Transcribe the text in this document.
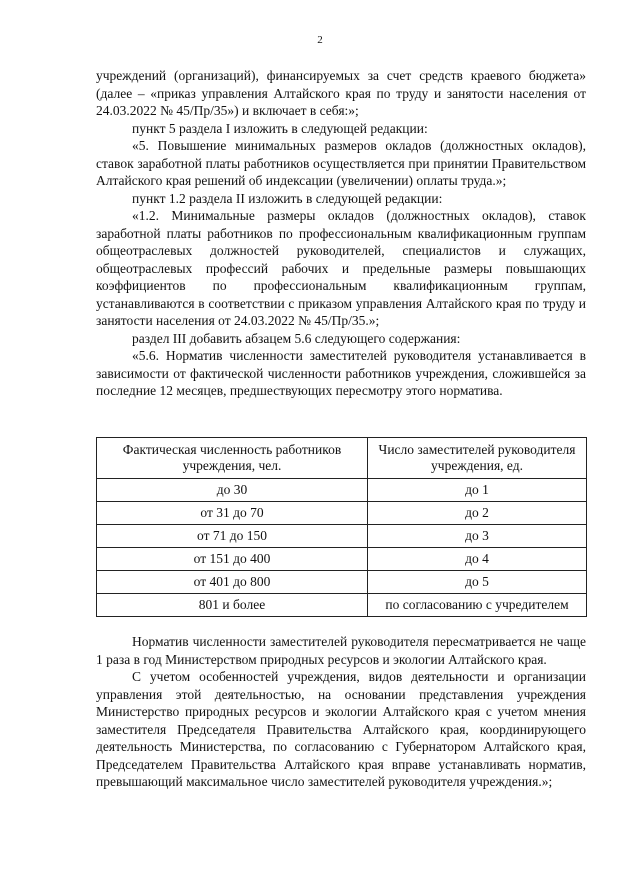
2

учреждений (организаций), финансируемых за счет средств краевого бюджета» (далее – «приказ управления Алтайского края по труду и занятости населения от 24.03.2022 № 45/Пр/35») и включает в себя:»;

пункт 5 раздела I изложить в следующей редакции:

«5. Повышение минимальных размеров окладов (должностных окладов), ставок заработной платы работников осуществляется при принятии Правительством Алтайского края решений об индексации (увеличении) оплаты труда.»;

пункт 1.2 раздела II изложить в следующей редакции:

«1.2. Минимальные размеры окладов (должностных окладов), ставок заработной платы работников по профессиональным квалификационным группам общеотраслевых должностей руководителей, специалистов и служащих, общеотраслевых профессий рабочих и предельные размеры повышающих коэффициентов по профессиональным квалификационным группам, устанавливаются в соответствии с приказом управления Алтайского края по труду и занятости населения от 24.03.2022 № 45/Пр/35.»;

раздел III добавить абзацем 5.6 следующего содержания:

«5.6. Норматив численности заместителей руководителя устанавливается в зависимости от фактической численности работников учреждения, сложившейся за последние 12 месяцев, предшествующих пересмотру этого норматива.

Фактическая численность работников учреждения, чел.	Число заместителей руководителя учреждения, ед.
до 30	до 1
от 31 до 70	до 2
от 71 до 150	до 3
от 151 до 400	до 4
от 401 до 800	до 5
801 и более	по согласованию с учредителем

Норматив численности заместителей руководителя пересматривается не чаще 1 раза в год Министерством природных ресурсов и экологии Алтайского края.

С учетом особенностей учреждения, видов деятельности и организации управления этой деятельностью, на основании представления учреждения Министерство природных ресурсов и экологии Алтайского края с учетом мнения заместителя Председателя Правительства Алтайского края, координирующего деятельность Министерства, по согласованию с Губернатором Алтайского края, Председателем Правительства Алтайского края вправе устанавливать норматив, превышающий максимальное число заместителей руководителя учреждения.»;
